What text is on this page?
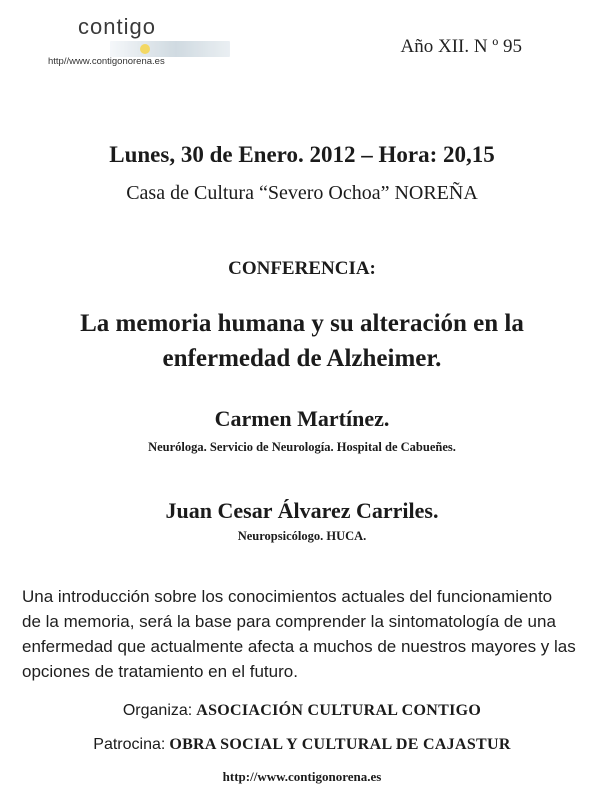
contigo
http//www.contigonorena.es
Año XII. N º 95
Lunes, 30 de Enero. 2012 – Hora: 20,15
Casa de Cultura “Severo Ochoa” NOREÑA
CONFERENCIA:
La memoria humana y su alteración en la
enfermedad de Alzheimer.
Carmen Martínez.
Neuróloga. Servicio de Neurología. Hospital de Cabueñes.
Juan Cesar Álvarez Carriles.
Neuropsicólogo. HUCA.
Una introducción sobre los conocimientos actuales del funcionamiento
de la memoria, será la base para comprender la sintomatología de una
enfermedad que actualmente afecta a muchos de nuestros mayores y las
opciones de tratamiento en el futuro.
Organiza: ASOCIACIÓN CULTURAL CONTIGO
Patrocina: OBRA SOCIAL Y CULTURAL DE CAJASTUR
http://www.contigonorena.es
